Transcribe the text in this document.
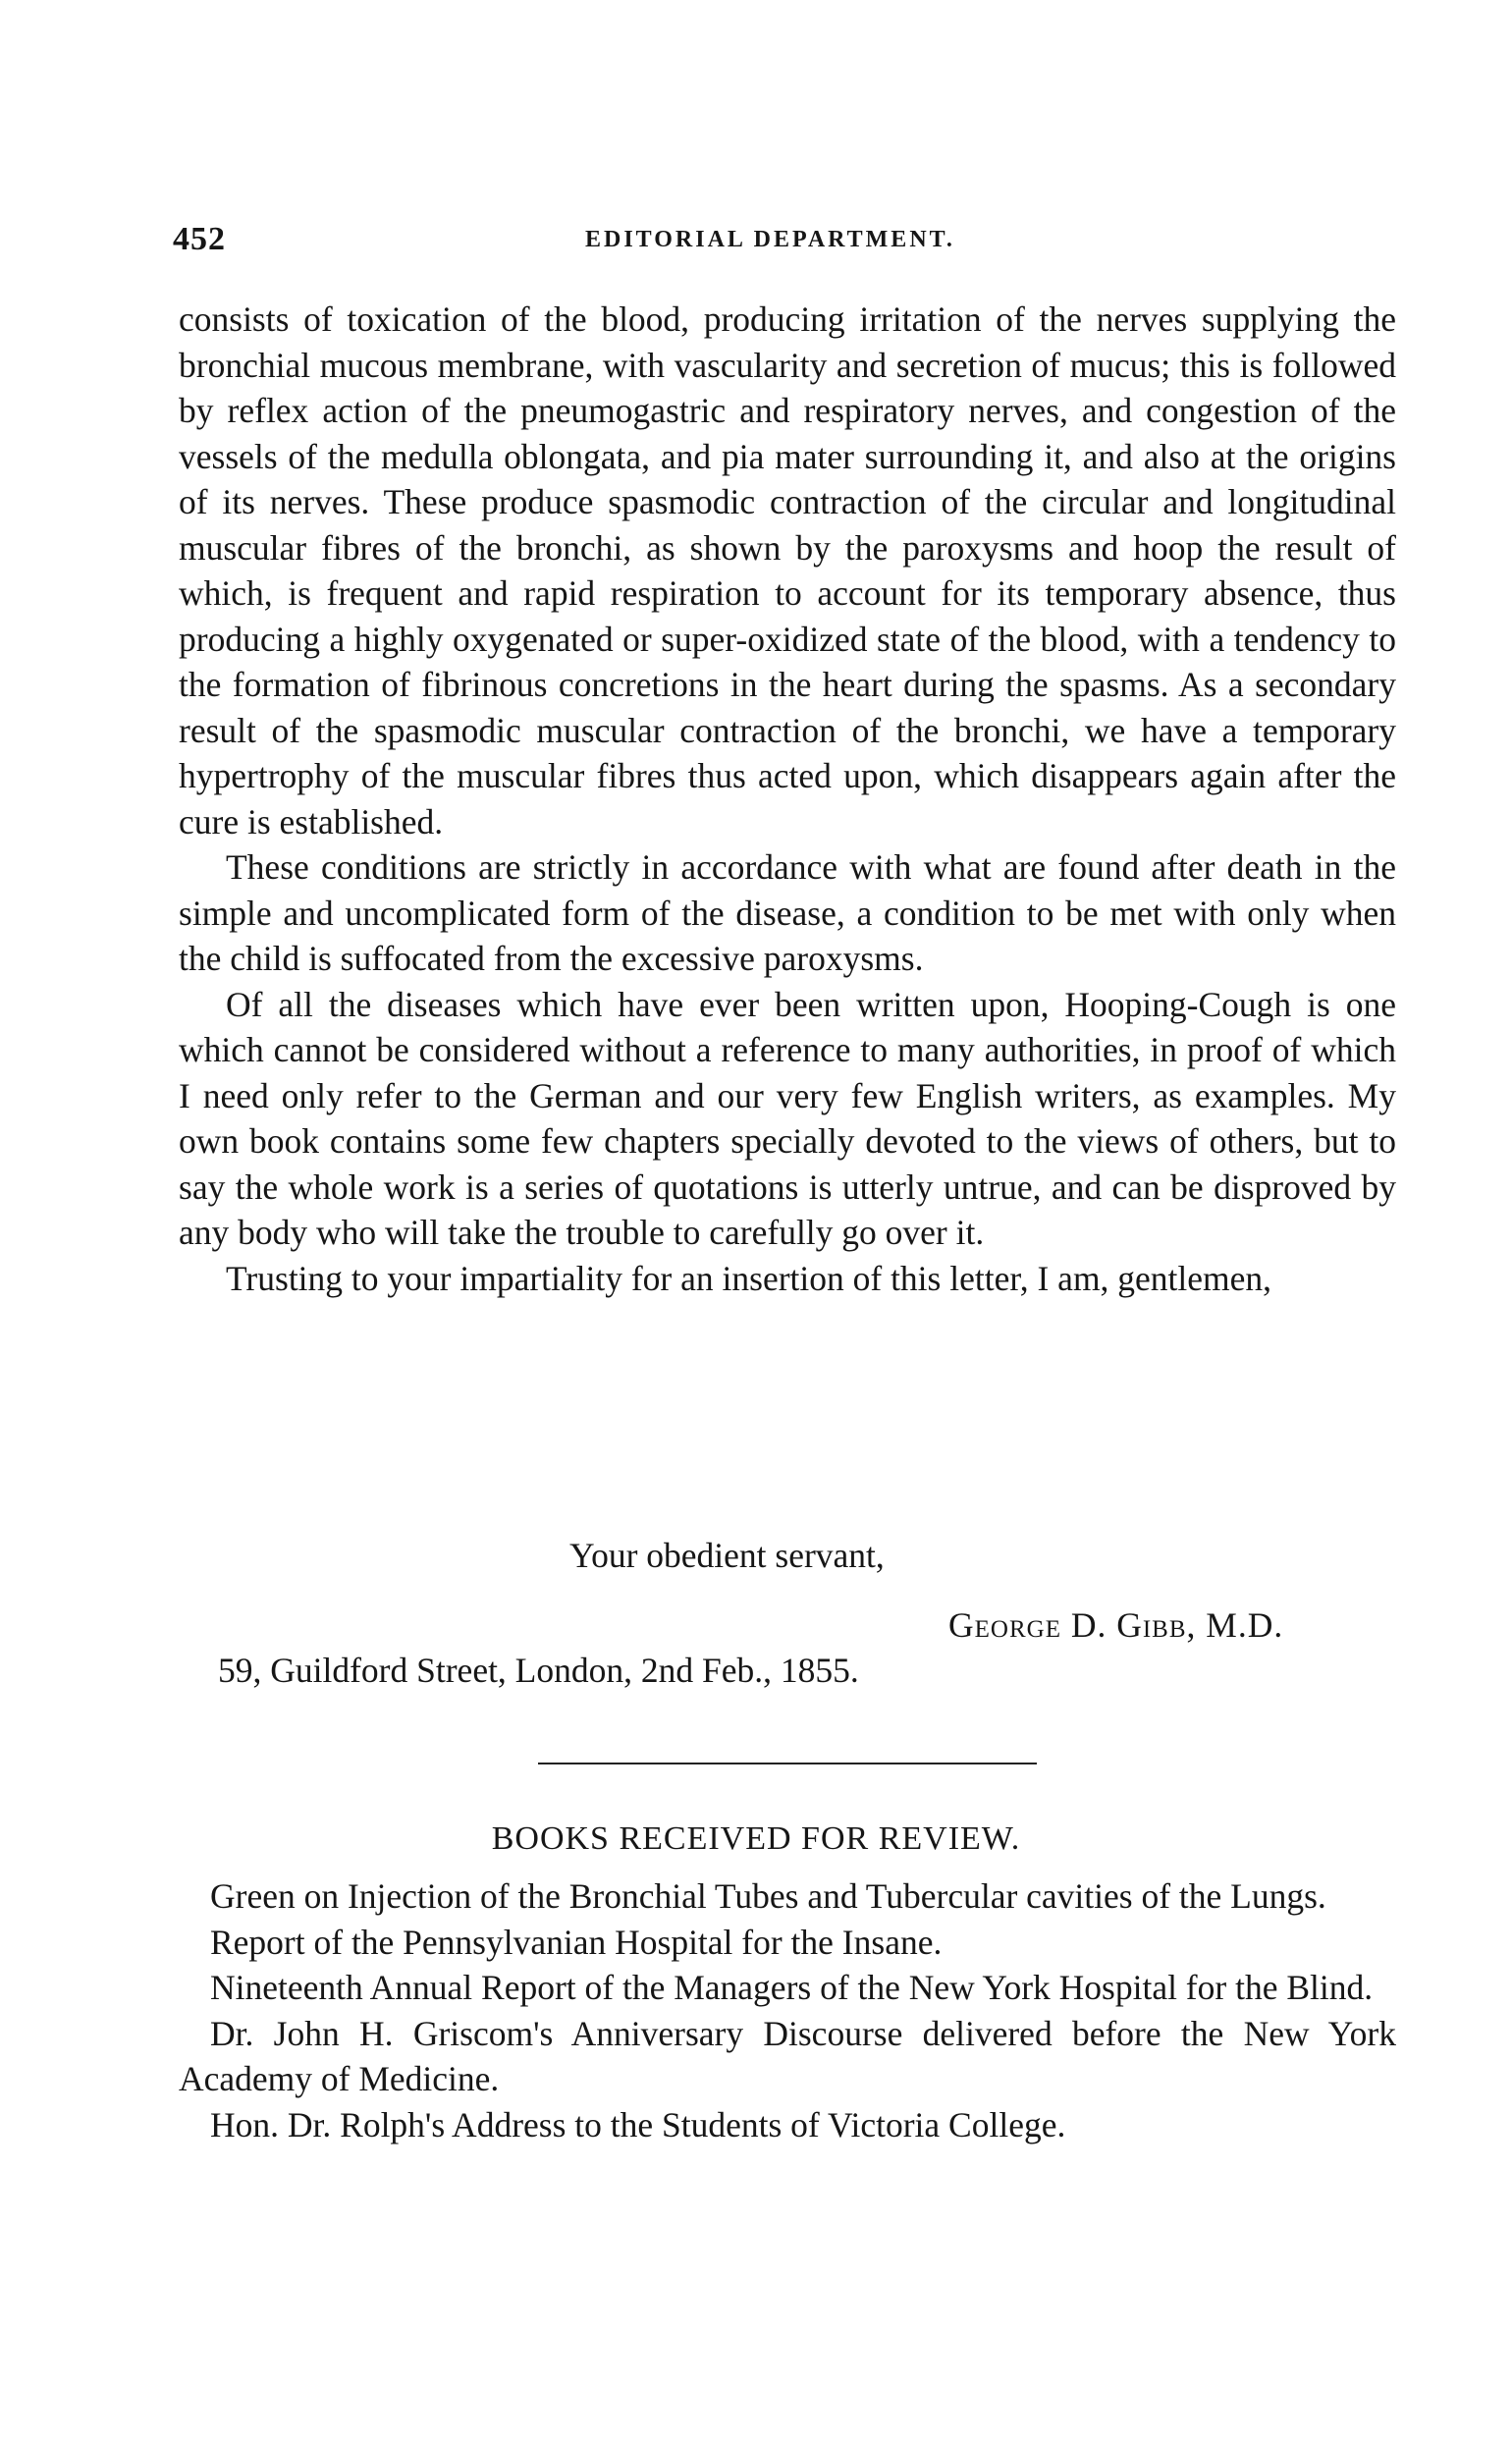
452	EDITORIAL DEPARTMENT.

consists of toxication of the blood, producing irritation of the nerves supplying the bronchial mucous membrane, with vascularity and secretion of mucus; this is followed by reflex action of the pneumogastric and respiratory nerves, and congestion of the vessels of the medulla oblongata, and pia mater surrounding it, and also at the origins of its nerves. These produce spasmodic contraction of the circular and longitudinal muscular fibres of the bronchi, as shown by the paroxysms and hoop the result of which, is frequent and rapid respiration to account for its temporary absence, thus producing a highly oxygenated or super-oxidized state of the blood, with a tendency to the formation of fibrinous concretions in the heart during the spasms. As a secondary result of the spasmodic muscular contraction of the bronchi, we have a temporary hypertrophy of the muscular fibres thus acted upon, which disappears again after the cure is established.

These conditions are strictly in accordance with what are found after death in the simple and uncomplicated form of the disease, a condition to be met with only when the child is suffocated from the excessive paroxysms.

Of all the diseases which have ever been written upon, Hooping-Cough is one which cannot be considered without a reference to many authorities, in proof of which I need only refer to the German and our very few English writers, as examples. My own book contains some few chapters specially devoted to the views of others, but to say the whole work is a series of quotations is utterly untrue, and can be disproved by any body who will take the trouble to carefully go over it.

Trusting to your impartiality for an insertion of this letter, I am, gentlemen,

Your obedient servant,
George D. Gibb, M.D.
59, Guildford Street, London, 2nd Feb., 1855.
BOOKS RECEIVED FOR REVIEW.

Green on Injection of the Bronchial Tubes and Tubercular cavities of the Lungs.

Report of the Pennsylvanian Hospital for the Insane.

Nineteenth Annual Report of the Managers of the New York Hospital for the Blind.

Dr. John H. Griscom's Anniversary Discourse delivered before the New York Academy of Medicine.

Hon. Dr. Rolph's Address to the Students of Victoria College.
